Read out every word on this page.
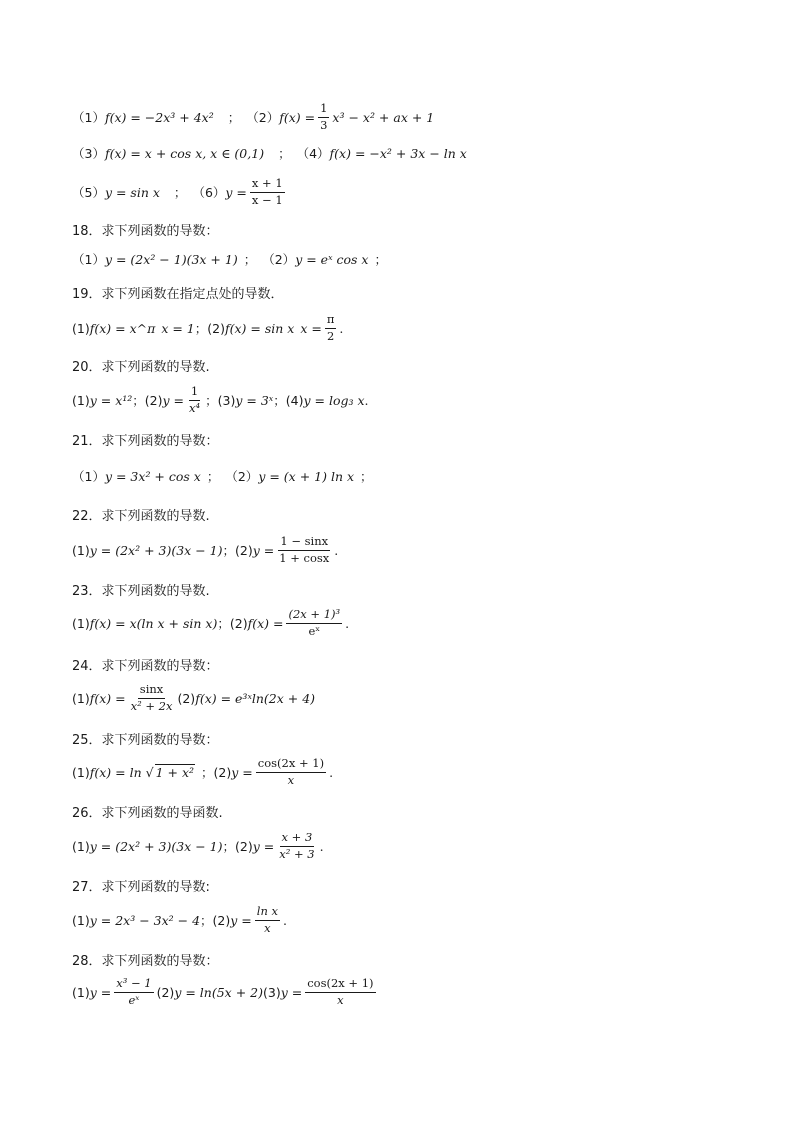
（1） f(x) = −2x³ + 4x² ； （2） $f(x) = \frac{1}{3} x^3 - x^2$ + ax + 1
（3） f(x) = x + cos x, x ∈ (0,1) ； （4） f(x) = −x² + 3x − ln x
（5） y = sin x ； （6） $y = \frac{x + 1}{x - 1}$
18．求下列函数的导数：
（1） y = (2x² − 1)(3x + 1) ； （2） y = eˣ cos x ；
19．求下列函数在指定点处的导数．
(1) f(x) = x^π x = 1 ； (2) f(x) = sin x $x = \frac{\pi}{2}$ .
20．求下列函数的导数.
(1) y = x¹² ； (2) $y = \frac{1}{\text{x⁴}}$ ； (3) y = 3ˣ ； (4) y = log₃ x .
21．求下列函数的导数：
（1） y = 3x² + cos x ； （2） y = (x + 1) ln x ；
22．求下列函数的导数.
(1) y = (2x² + 3)(3x − 1) ； (2) $y = \frac{1 - \sin x}{1 + \cos x}$ .
23．求下列函数的导数.
(1) f(x) = x(ln x + sin x) ； (2) $f(x) = \frac{\text{(2x + 1)³}}{\text{eˣ}}$ .
24．求下列函数的导数：
(1) $f(x) = \frac{\sin x}{\text{x² + 2x}} (2) f(x)$ = e³ˣln(2x + 4)
25．求下列函数的导数：
(1) f(x) = ln √ 1 + x² ； (2) $y = \frac{\cos(2x + 1)}{x}$ .
26．求下列函数的导函数.
(1) y = (2x² + 3)(3x − 1) ； (2) $y = \frac{x + 3}{\text{x² + 3}}$ .
27．求下列函数的导数:
(1) y = 2x³ − 3x² − 4 ； (2) $y = \frac{\text{ln x}}{x}$ .
28．求下列函数的导数：
(1) $y = \frac{\text{x³ − 1}}{\text{eˣ}} (2) y = \ln(5x + 2)$ (3) $y = \frac{\cos(2x + 1)}{x}$
